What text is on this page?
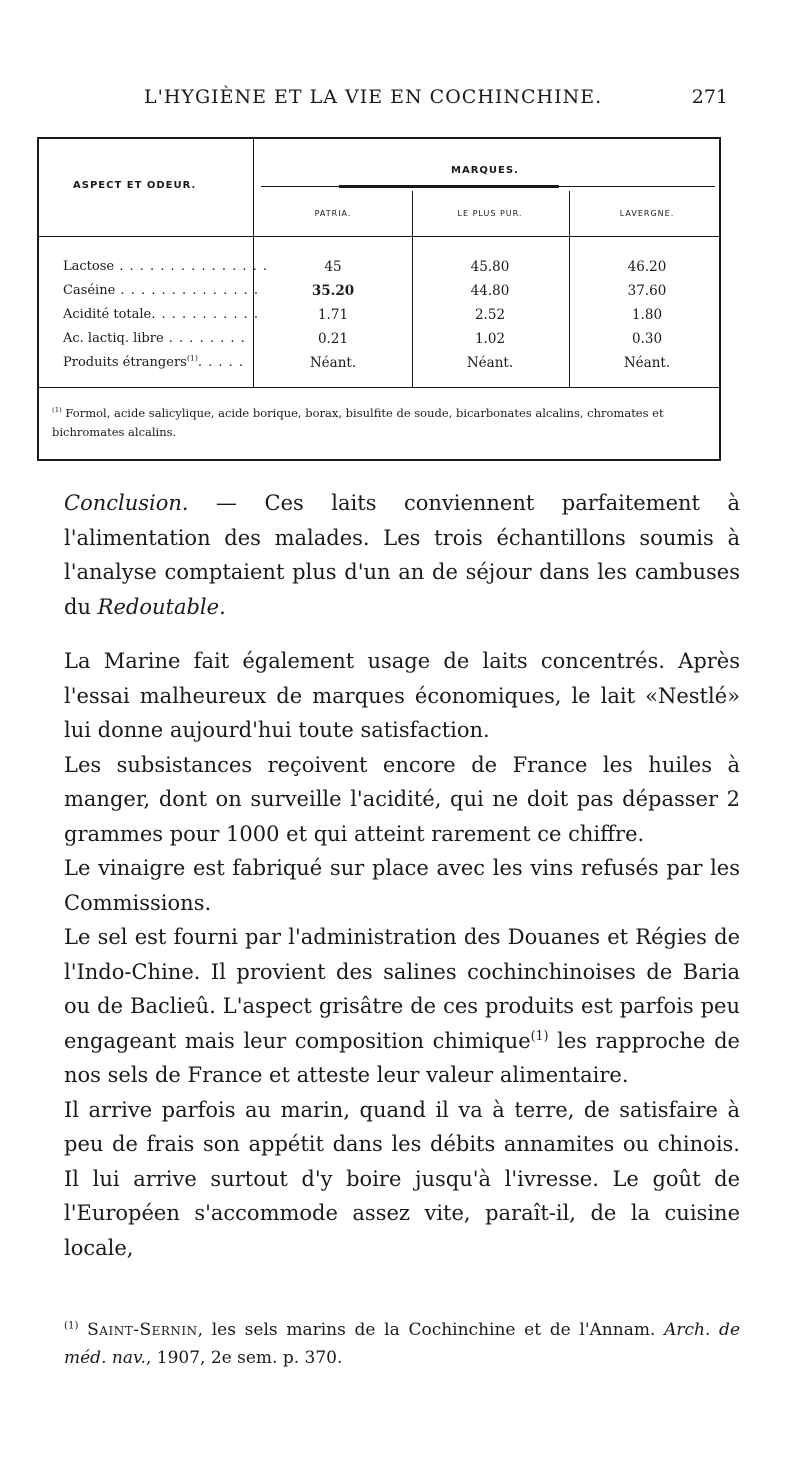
L'HYGIÈNE ET LA VIE EN COCHINCHINE.	271
ASPECT ET ODEUR.
MARQUES.
PATRIA.	LE PLUS PUR.	LAVERGNE.
Lactose . . . . . . . . . . . . . . .	45	45.80	46.20
Caséine . . . . . . . . . . . . . .	35.20	44.80	37.60
Acidité totale. . . . . . . . . . .	1.71	2.52	1.80
Ac. lactiq. libre . . . . . . . .	0.21	1.02	0.30
Produits étrangers$^{(1)}$. . . . .	Néant.	Néant.	Néant.
$^{(1)}$ Formol, acide salicylique, acide borique, borax, bisulfite de soude, bicarbonates alcalins, chromates et bichromates alcalins.

Conclusion. — Ces laits conviennent parfaitement à l'alimentation des malades. Les trois échantillons soumis à l'analyse comptaient plus d'un an de séjour dans les cambuses du Redoutable.

La Marine fait également usage de laits concentrés. Après l'essai malheureux de marques économiques, le lait «Nestlé» lui donne aujourd'hui toute satisfaction.

Les subsistances reçoivent encore de France les huiles à manger, dont on surveille l'acidité, qui ne doit pas dépasser 2 grammes pour 1000 et qui atteint rarement ce chiffre.

Le vinaigre est fabriqué sur place avec les vins refusés par les Commissions.

Le sel est fourni par l'administration des Douanes et Régies de l'Indo-Chine. Il provient des salines cochinchinoises de Baria ou de Baclieû. L'aspect grisâtre de ces produits est parfois peu engageant mais leur composition chimique$^{(1)}$ les rapproche de nos sels de France et atteste leur valeur alimentaire.

Il arrive parfois au marin, quand il va à terre, de satisfaire à peu de frais son appétit dans les débits annamites ou chinois. Il lui arrive surtout d'y boire jusqu'à l'ivresse. Le goût de l'Européen s'accommode assez vite, paraît-il, de la cuisine locale,

$^{(1)}$ Saint-Sernin, les sels marins de la Cochinchine et de l'Annam. Arch. de méd. nav., 1907, 2e sem. p. 370.
